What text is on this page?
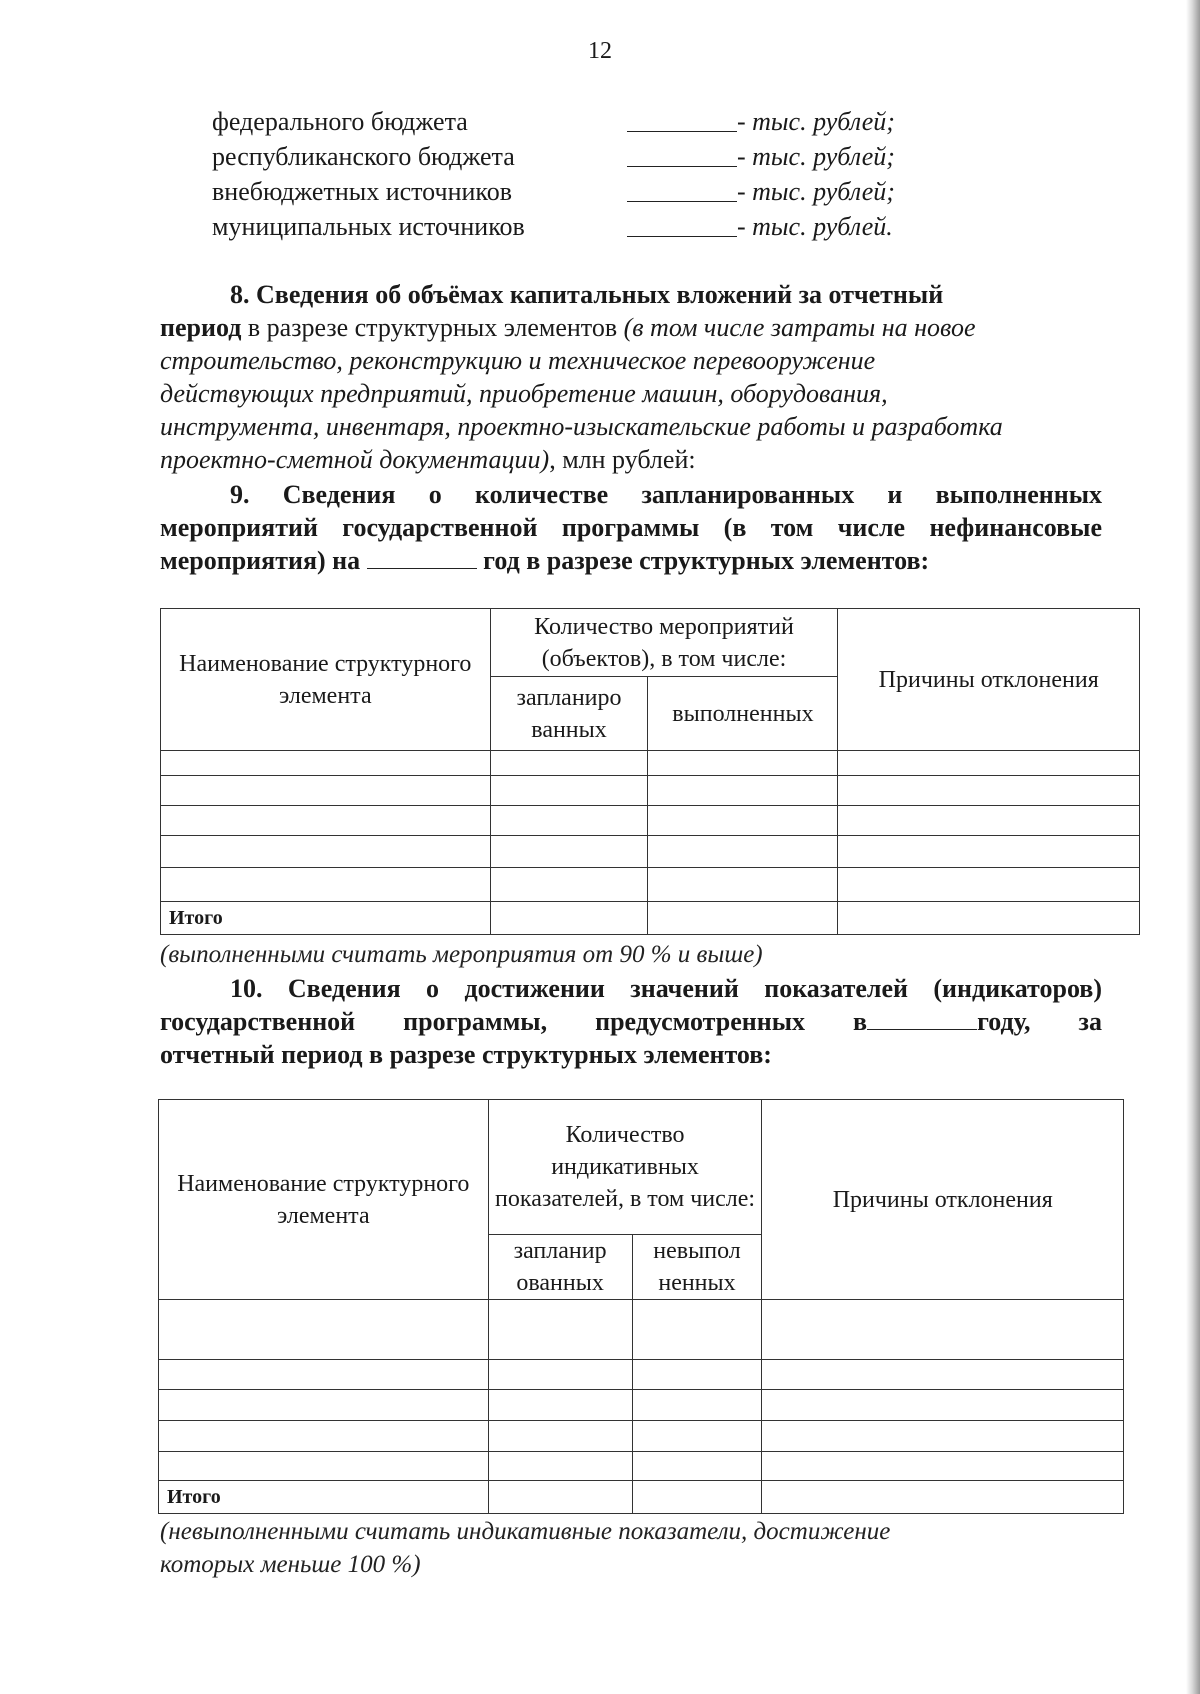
12
федерального бюджета	- тыс. рублей;
республиканского бюджета	- тыс. рублей;
внебюджетных источников	- тыс. рублей;
муниципальных источников	- тыс. рублей.
8. Сведения об объёмах капитальных вложений за отчетный
период в разрезе структурных элементов (в том числе затраты на новое
строительство, реконструкцию и техническое перевооружение
действующих предприятий, приобретение машин, оборудования,
инструмента, инвентаря, проектно-изыскательские работы и разработка
проектно-сметной документации), млн рублей:
9. Сведения о количестве запланированных и выполненных
мероприятий государственной программы (в том числе нефинансовые
мероприятия) на	год в разрезе структурных элементов:
Наименование структурного элемента	Количество мероприятий (объектов), в том числе:		Причины отклонения
	запланиро ванных	выполненных	

Итого			
(выполненными считать мероприятия от 90 % и выше)
10. Сведения о достижении значений показателей (индикаторов)
государственной программы, предусмотренных в	году, за
отчетный период в разрезе структурных элементов:
Наименование структурного элемента	Количество индикативных показателей, в том числе:		Причины отклонения
	запланир ованных	невыпол ненных	

Итого			
(невыполненными считать индикативные показатели, достижение
которых меньше 100 %)
